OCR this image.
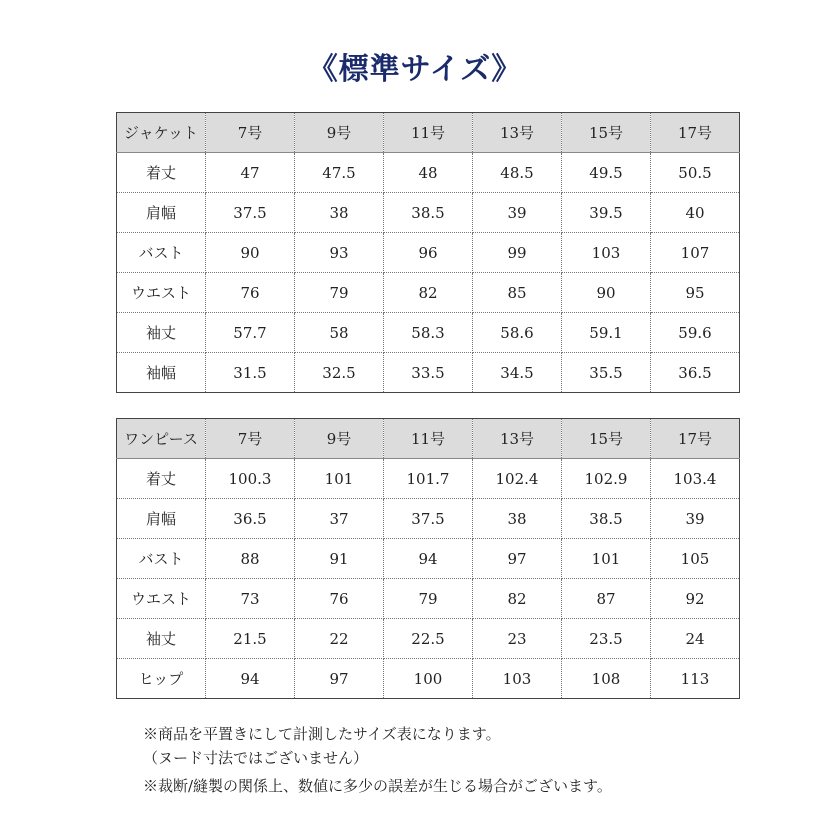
《標準サイズ》
ジャケット	7号	9号	11号	13号	15号	17号
着丈	47	47.5	48	48.5	49.5	50.5
肩幅	37.5	38	38.5	39	39.5	40
バスト	90	93	96	99	103	107
ウエスト	76	79	82	85	90	95
袖丈	57.7	58	58.3	58.6	59.1	59.6
袖幅	31.5	32.5	33.5	34.5	35.5	36.5
ワンピース	7号	9号	11号	13号	15号	17号
着丈	100.3	101	101.7	102.4	102.9	103.4
肩幅	36.5	37	37.5	38	38.5	39
バスト	88	91	94	97	101	105
ウエスト	73	76	79	82	87	92
袖丈	21.5	22	22.5	23	23.5	24
ヒップ	94	97	100	103	108	113
※商品を平置きにして計測したサイズ表になります。
（ヌード寸法ではございません）
※裁断/縫製の関係上、数値に多少の誤差が生じる場合がございます。
